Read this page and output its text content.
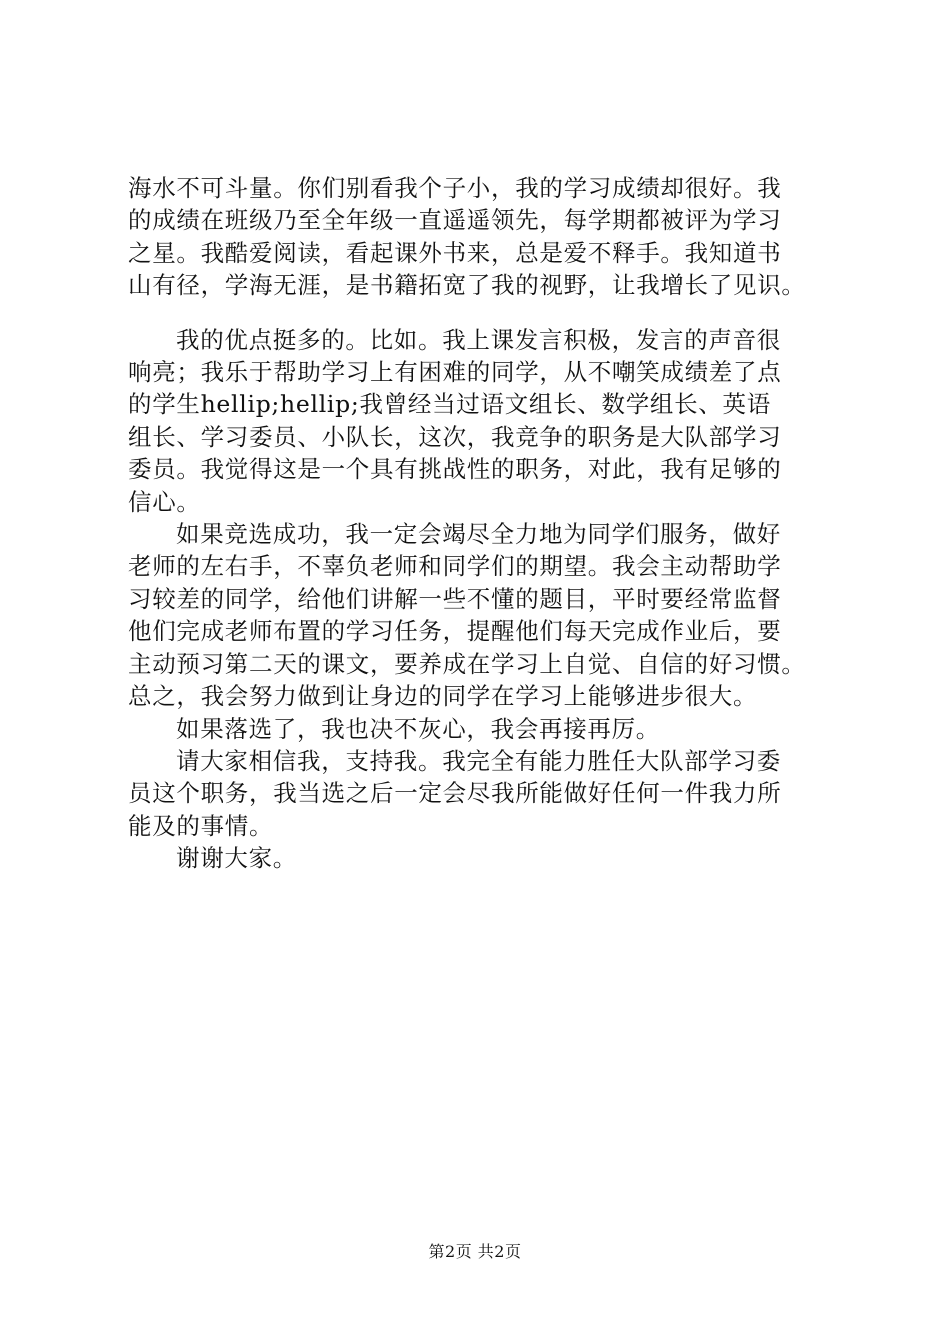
海水不可斗量。你们别看我个子小，我的学习成绩却很好。我
的成绩在班级乃至全年级一直遥遥领先，每学期都被评为学习
之星。我酷爱阅读，看起课外书来，总是爱不释手。我知道书
山有径，学海无涯，是书籍拓宽了我的视野，让我增长了见识。

我的优点挺多的。比如。我上课发言积极，发言的声音很
响亮；我乐于帮助学习上有困难的同学，从不嘲笑成绩差了点
的学生hellip;hellip;我曾经当过语文组长、数学组长、英语
组长、学习委员、小队长，这次，我竞争的职务是大队部学习
委员。我觉得这是一个具有挑战性的职务，对此，我有足够的
信心。

如果竞选成功，我一定会竭尽全力地为同学们服务，做好
老师的左右手，不辜负老师和同学们的期望。我会主动帮助学
习较差的同学，给他们讲解一些不懂的题目，平时要经常监督
他们完成老师布置的学习任务，提醒他们每天完成作业后，要
主动预习第二天的课文，要养成在学习上自觉、自信的好习惯。
总之，我会努力做到让身边的同学在学习上能够进步很大。

如果落选了，我也决不灰心，我会再接再厉。

请大家相信我，支持我。我完全有能力胜任大队部学习委
员这个职务，我当选之后一定会尽我所能做好任何一件我力所
能及的事情。

谢谢大家。

第2页 共2页
